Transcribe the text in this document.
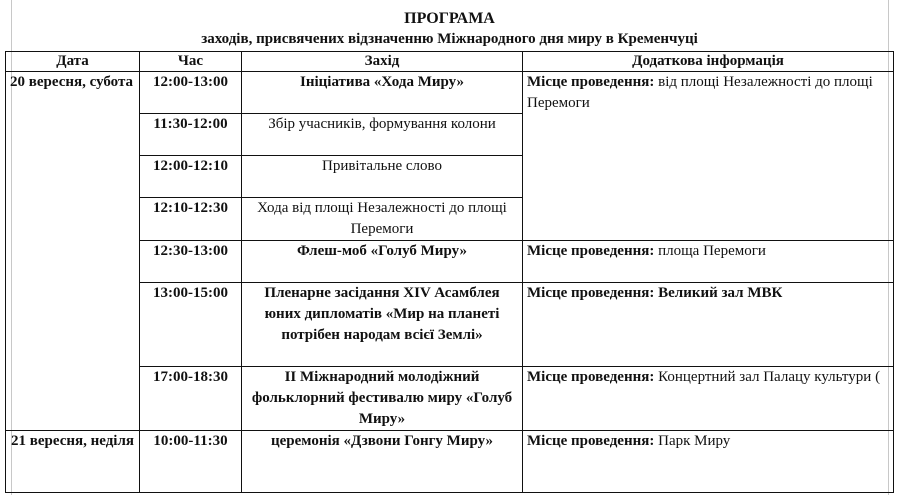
ПРОГРАМА
заходів, присвячених відзначенню Міжнародного дня миру в Кременчуці
Дата	Час	Захід	Додаткова інформація
20 вересня, субота	12:00-13:00	Ініціатива «Хода Миру»	Місце проведення: від площі Незалежності до площі Перемоги
	11:30-12:00	Збір учасників, формування колони	
	12:00-12:10	Привітальне слово	
	12:10-12:30	Хода від площі Незалежності до площі Перемоги	
	12:30-13:00	Флеш-моб «Голуб Миру»	Місце проведення: площа Перемоги
	13:00-15:00	Пленарне засідання XIV Асамблея юних дипломатів «Мир на планеті потрібен народам всієї Землі»	Місце проведення: Великий зал МВК
	17:00-18:30	ІІ Міжнародний молодіжний фольклорний фестивалю миру «Голуб Миру»	Місце проведення: Концертний зал Палацу культури (
21 вересня, неділя	10:00-11:30	церемонія «Дзвони Гонгу Миру»	Місце проведення: Парк Миру
